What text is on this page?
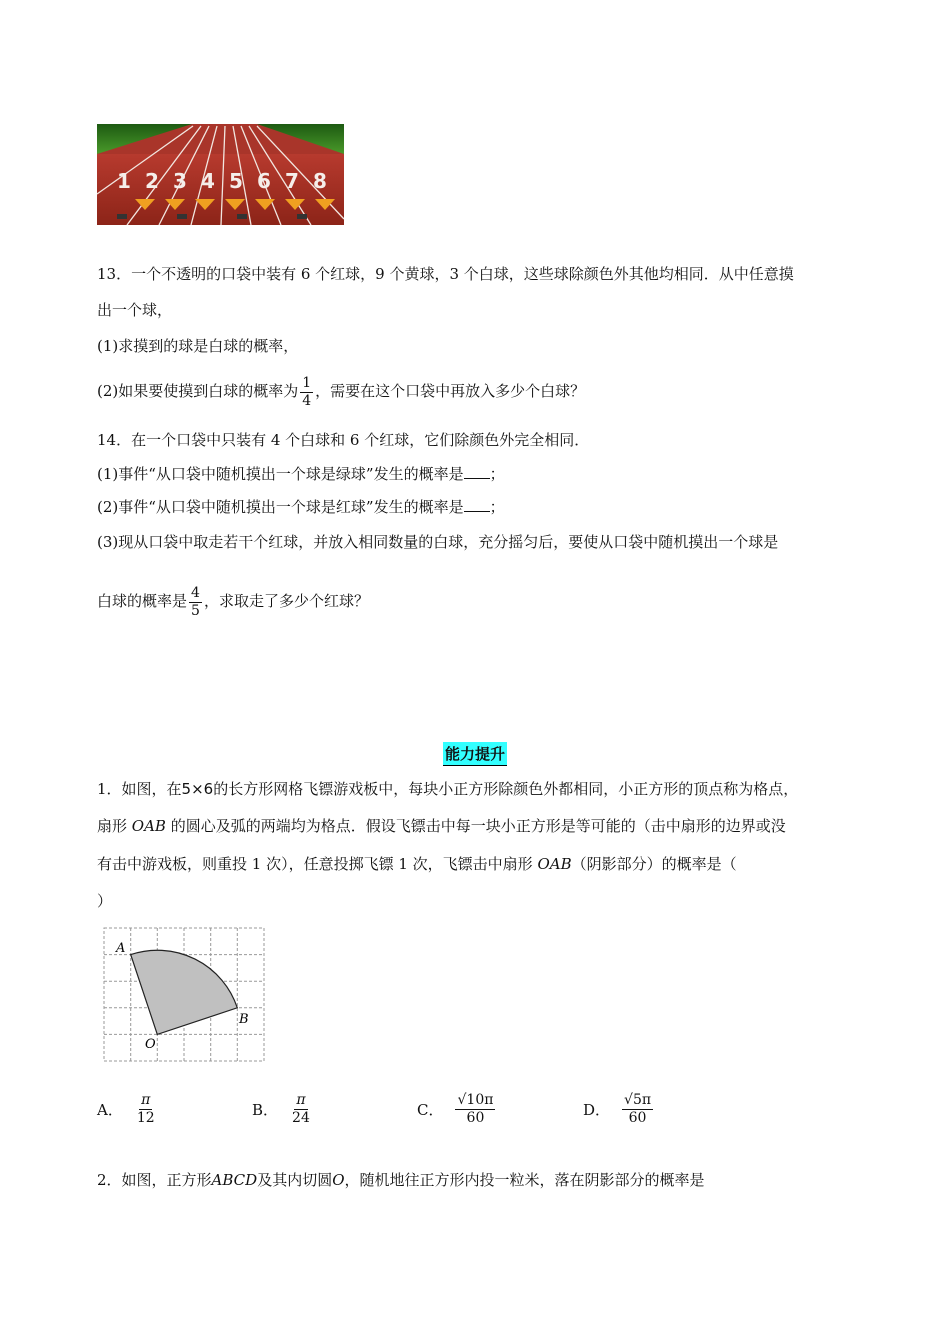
1 2 3 4 5 6 7 8
13．一个不透明的口袋中装有 6 个红球，9 个黄球，3 个白球，这些球除颜色外其他均相同．从中任意摸
出一个球，
(1)求摸到的球是白球的概率，
(2)如果要使摸到白球的概率为 $\frac{1}{4}$ ，需要在这个口袋中再放入多少个白球？
14．在一个口袋中只装有 4 个白球和 6 个红球，它们除颜色外完全相同．
(1)事件“从口袋中随机摸出一个球是绿球”发生的概率是 ；
(2)事件“从口袋中随机摸出一个球是红球”发生的概率是 ；
(3)现从口袋中取走若干个红球，并放入相同数量的白球，充分摇匀后，要使从口袋中随机摸出一个球是
白球的概率是 $\frac{4}{5}$ ，求取走了多少个红球？
能力提升
1．如图，在5×6的长方形网格飞镖游戏板中，每块小正方形除颜色外都相同，小正方形的顶点称为格点，
扇形 OAB 的圆心及弧的两端均为格点．假设飞镖击中每一块小正方形是等可能的（击中扇形的边界或没
有击中游戏板，则重投 1 次），任意投掷飞镖 1 次，飞镖击中扇形 OAB（阴影部分）的概率是（
）
A
B
O
A． $\frac{\pi}{12}$	B． $\frac{\pi}{24}$	C． $\frac{√10\pi}{60}$	D． $\frac{√5\pi}{60}$
2．如图，正方形ABCD及其内切圆O，随机地往正方形内投一粒米，落在阴影部分的概率是
